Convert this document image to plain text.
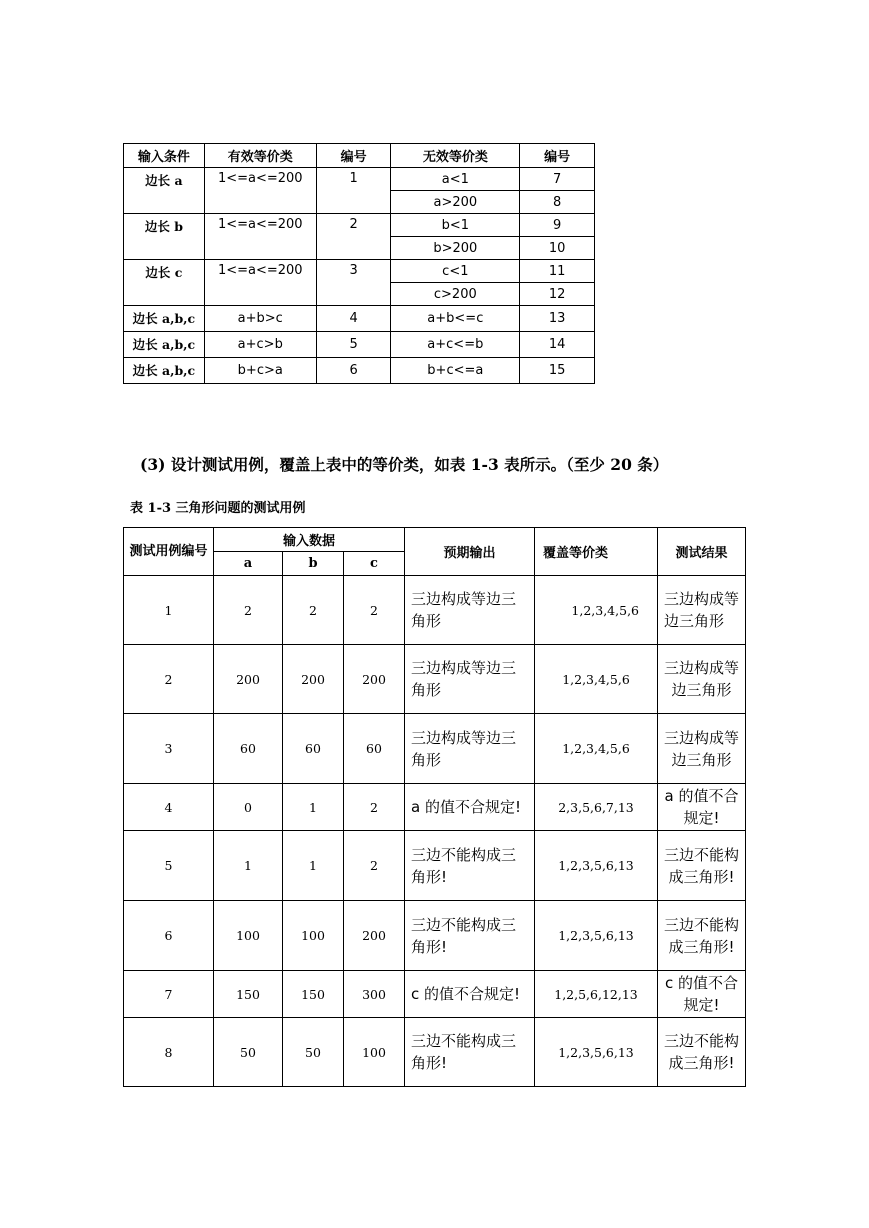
输入条件	有效等价类	编号	无效等价类	编号
边长 a	1<=a<=200	1	a<1	7
			a>200	8
边长 b	1<=a<=200	2	b<1	9
			b>200	10
边长 c	1<=a<=200	3	c<1	11
			c>200	12
边长 a,b,c	a+b>c	4	a+b<=c	13
边长 a,b,c	a+c>b	5	a+c<=b	14
边长 a,b,c	b+c>a	6	b+c<=a	15
(3) 设计测试用例，覆盖上表中的等价类，如表 1-3 表所示。（至少 20 条）
表 1-3 三角形问题的测试用例
测试用例编号	输入数据			预期输出	覆盖等价类	测试结果
	a	b	c			
1	2	2	2	三边构成等边三角形	1,2,3,4,5,6	三边构成等边三角形
2	200	200	200	三边构成等边三角形	1,2,3,4,5,6	三边构成等边三角形
3	60	60	60	三边构成等边三角形	1,2,3,4,5,6	三边构成等边三角形
4	0	1	2	a 的值不合规定!	2,3,5,6,7,13	a 的值不合规定!
5	1	1	2	三边不能构成三角形!	1,2,3,5,6,13	三边不能构成三角形!
6	100	100	200	三边不能构成三角形!	1,2,3,5,6,13	三边不能构成三角形!
7	150	150	300	c 的值不合规定!	1,2,5,6,12,13	c 的值不合规定!
8	50	50	100	三边不能构成三角形!	1,2,3,5,6,13	三边不能构成三角形!
